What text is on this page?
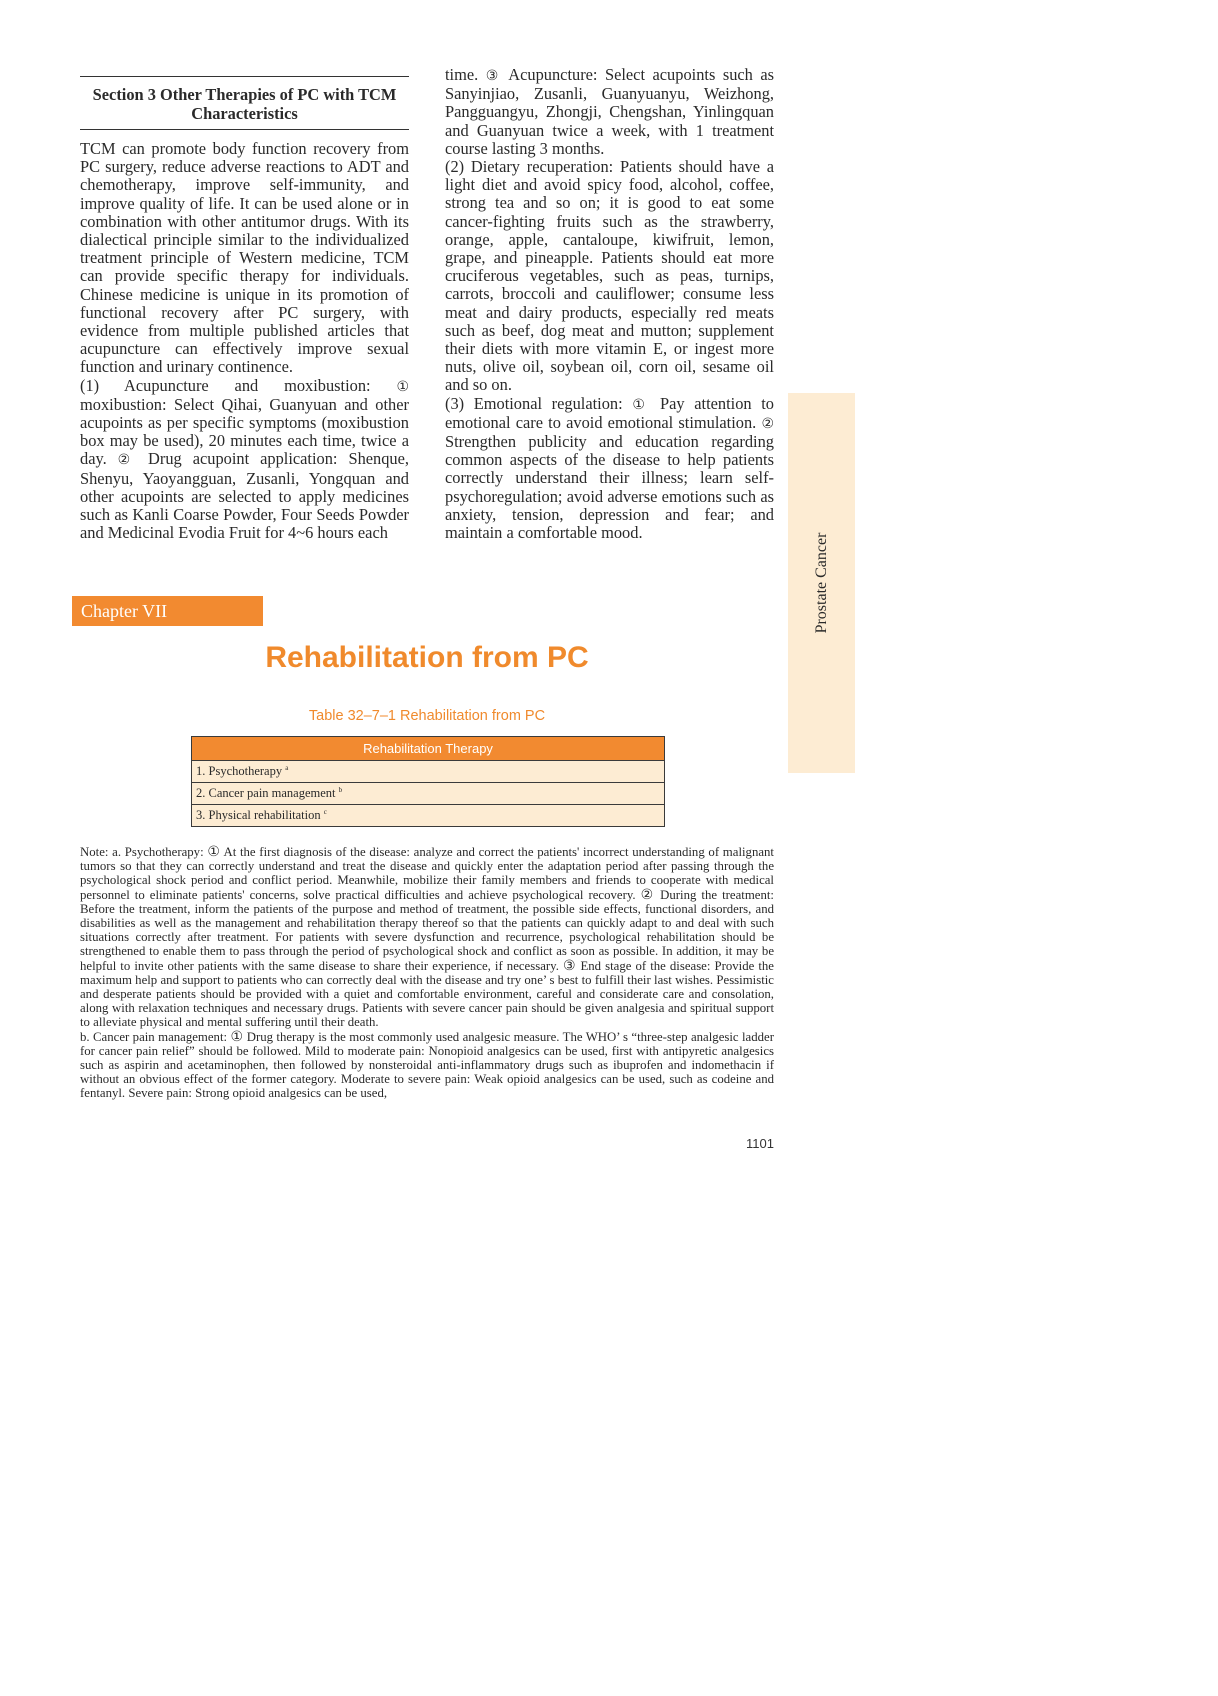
Section 3 Other Therapies of PC with TCM Characteristics

TCM can promote body function recovery from PC surgery, reduce adverse reactions to ADT and chemotherapy, improve self-immunity, and improve quality of life. It can be used alone or in combination with other antitumor drugs. With its dialectical principle similar to the individualized treatment principle of Western medicine, TCM can provide specific therapy for individuals. Chinese medicine is unique in its promotion of functional recovery after PC surgery, with evidence from multiple published articles that acupuncture can effectively improve sexual function and urinary continence.

(1) Acupuncture and moxibustion: ① moxibustion: Select Qihai, Guanyuan and other acupoints as per specific symptoms (moxibustion box may be used), 20 minutes each time, twice a day. ② Drug acupoint application: Shenque, Shenyu, Yaoyangguan, Zusanli, Yongquan and other acupoints are selected to apply medicines such as Kanli Coarse Powder, Four Seeds Powder and Medicinal Evodia Fruit for 4~6 hours each

time. ③ Acupuncture: Select acupoints such as Sanyinjiao, Zusanli, Guanyuanyu, Weizhong, Pangguangyu, Zhongji, Chengshan, Yinlingquan and Guanyuan twice a week, with 1 treatment course lasting 3 months.

(2) Dietary recuperation: Patients should have a light diet and avoid spicy food, alcohol, coffee, strong tea and so on; it is good to eat some cancer-fighting fruits such as the strawberry, orange, apple, cantaloupe, kiwifruit, lemon, grape, and pineapple. Patients should eat more cruciferous vegetables, such as peas, turnips, carrots, broccoli and cauliflower; consume less meat and dairy products, especially red meats such as beef, dog meat and mutton; supplement their diets with more vitamin E, or ingest more nuts, olive oil, soybean oil, corn oil, sesame oil and so on.

(3) Emotional regulation: ① Pay attention to emotional care to avoid emotional stimulation. ② Strengthen publicity and education regarding common aspects of the disease to help patients correctly understand their illness; learn self-psychoregulation; avoid adverse emotions such as anxiety, tension, depression and fear; and maintain a comfortable mood.	Prostate Cancer
Chapter VII
Rehabilitation from PC
Table 32–7–1 Rehabilitation from PC
Rehabilitation Therapy
1. Psychotherapy $^a$
2. Cancer pain management $^b$
3. Physical rehabilitation $^c$

Note: a. Psychotherapy: ① At the first diagnosis of the disease: analyze and correct the patients' incorrect understanding of malignant tumors so that they can correctly understand and treat the disease and quickly enter the adaptation period after passing through the psychological shock period and conflict period. Meanwhile, mobilize their family members and friends to cooperate with medical personnel to eliminate patients' concerns, solve practical difficulties and achieve psychological recovery. ② During the treatment: Before the treatment, inform the patients of the purpose and method of treatment, the possible side effects, functional disorders, and disabilities as well as the management and rehabilitation therapy thereof so that the patients can quickly adapt to and deal with such situations correctly after treatment. For patients with severe dysfunction and recurrence, psychological rehabilitation should be strengthened to enable them to pass through the period of psychological shock and conflict as soon as possible. In addition, it may be helpful to invite other patients with the same disease to share their experience, if necessary. ③ End stage of the disease: Provide the maximum help and support to patients who can correctly deal with the disease and try one’ s best to fulfill their last wishes. Pessimistic and desperate patients should be provided with a quiet and comfortable environment, careful and considerate care and consolation, along with relaxation techniques and necessary drugs. Patients with severe cancer pain should be given analgesia and spiritual support to alleviate physical and mental suffering until their death.

b. Cancer pain management: ① Drug therapy is the most commonly used analgesic measure. The WHO’ s “three-step analgesic ladder for cancer pain relief” should be followed. Mild to moderate pain: Nonopioid analgesics can be used, first with antipyretic analgesics such as aspirin and acetaminophen, then followed by nonsteroidal anti-inflammatory drugs such as ibuprofen and indomethacin if without an obvious effect of the former category. Moderate to severe pain: Weak opioid analgesics can be used, such as codeine and fentanyl. Severe pain: Strong opioid analgesics can be used,

1101
